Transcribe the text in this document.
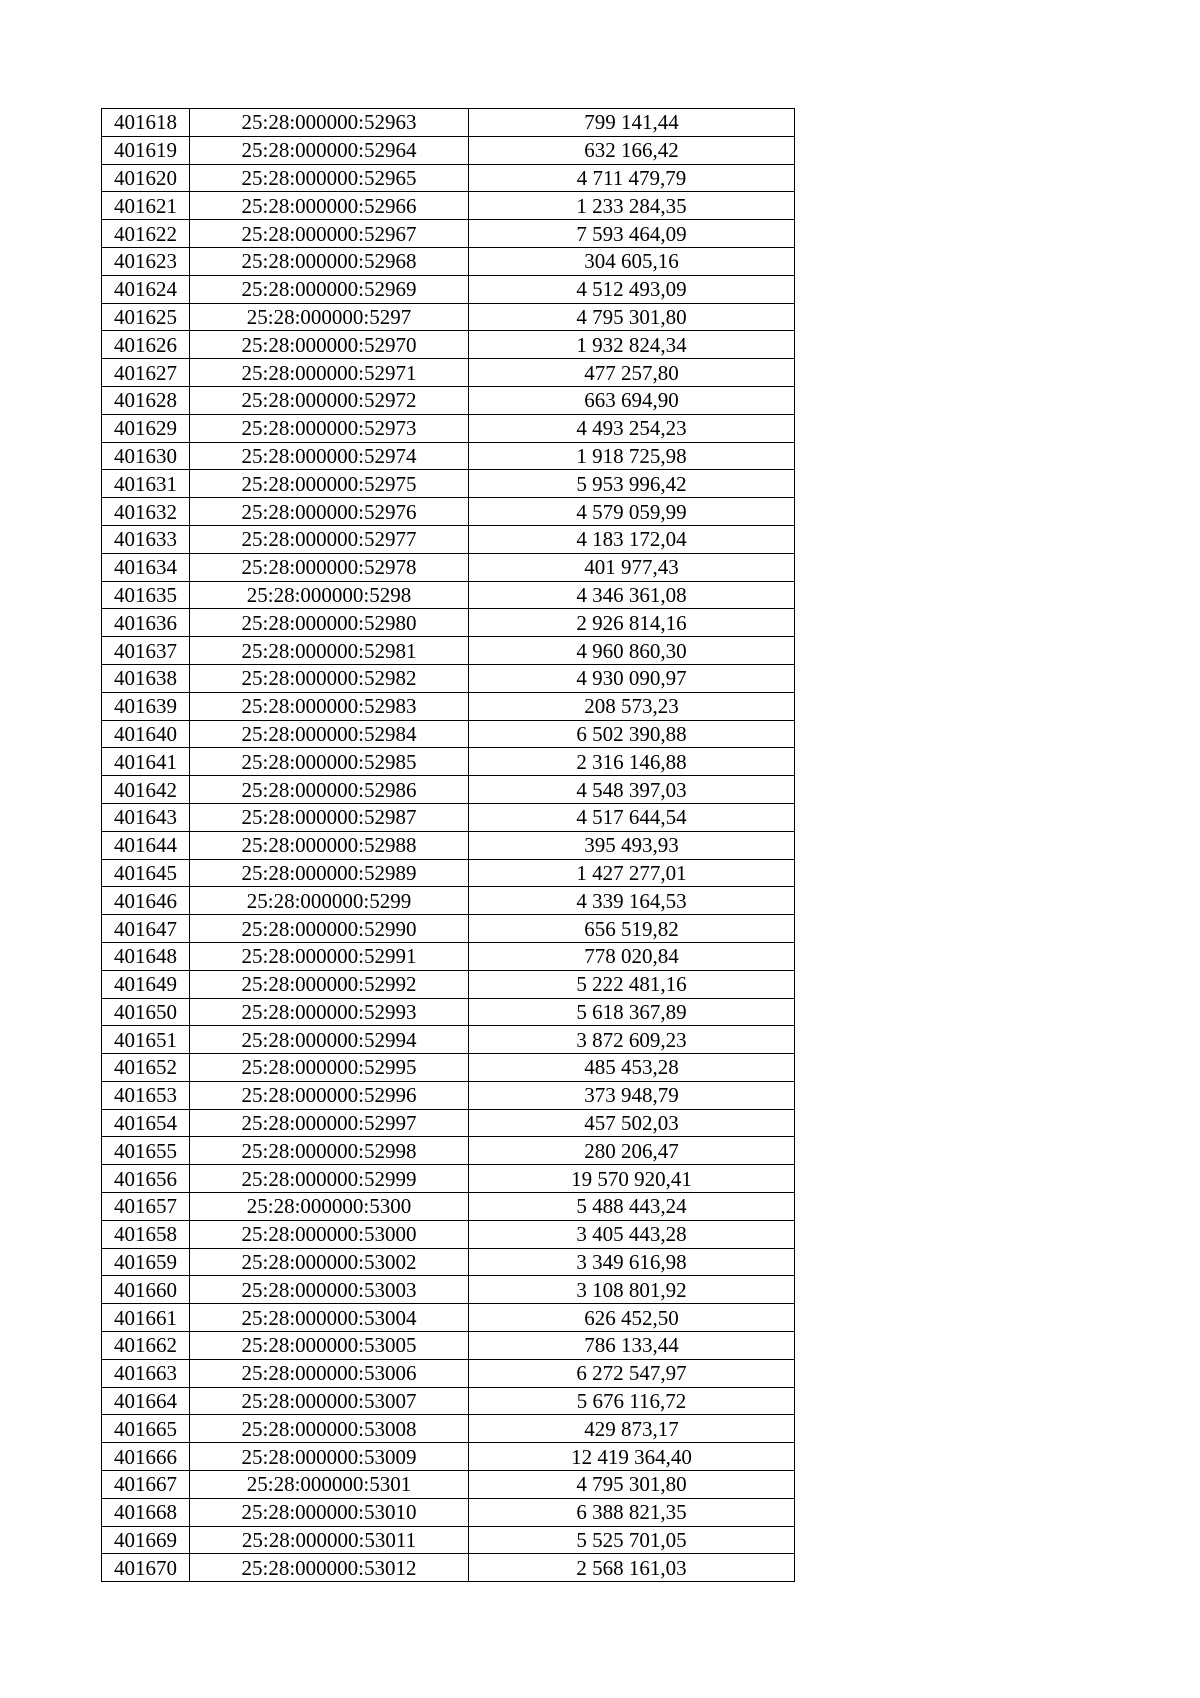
401618	25:28:000000:52963	799 141,44
401619	25:28:000000:52964	632 166,42
401620	25:28:000000:52965	4 711 479,79
401621	25:28:000000:52966	1 233 284,35
401622	25:28:000000:52967	7 593 464,09
401623	25:28:000000:52968	304 605,16
401624	25:28:000000:52969	4 512 493,09
401625	25:28:000000:5297	4 795 301,80
401626	25:28:000000:52970	1 932 824,34
401627	25:28:000000:52971	477 257,80
401628	25:28:000000:52972	663 694,90
401629	25:28:000000:52973	4 493 254,23
401630	25:28:000000:52974	1 918 725,98
401631	25:28:000000:52975	5 953 996,42
401632	25:28:000000:52976	4 579 059,99
401633	25:28:000000:52977	4 183 172,04
401634	25:28:000000:52978	401 977,43
401635	25:28:000000:5298	4 346 361,08
401636	25:28:000000:52980	2 926 814,16
401637	25:28:000000:52981	4 960 860,30
401638	25:28:000000:52982	4 930 090,97
401639	25:28:000000:52983	208 573,23
401640	25:28:000000:52984	6 502 390,88
401641	25:28:000000:52985	2 316 146,88
401642	25:28:000000:52986	4 548 397,03
401643	25:28:000000:52987	4 517 644,54
401644	25:28:000000:52988	395 493,93
401645	25:28:000000:52989	1 427 277,01
401646	25:28:000000:5299	4 339 164,53
401647	25:28:000000:52990	656 519,82
401648	25:28:000000:52991	778 020,84
401649	25:28:000000:52992	5 222 481,16
401650	25:28:000000:52993	5 618 367,89
401651	25:28:000000:52994	3 872 609,23
401652	25:28:000000:52995	485 453,28
401653	25:28:000000:52996	373 948,79
401654	25:28:000000:52997	457 502,03
401655	25:28:000000:52998	280 206,47
401656	25:28:000000:52999	19 570 920,41
401657	25:28:000000:5300	5 488 443,24
401658	25:28:000000:53000	3 405 443,28
401659	25:28:000000:53002	3 349 616,98
401660	25:28:000000:53003	3 108 801,92
401661	25:28:000000:53004	626 452,50
401662	25:28:000000:53005	786 133,44
401663	25:28:000000:53006	6 272 547,97
401664	25:28:000000:53007	5 676 116,72
401665	25:28:000000:53008	429 873,17
401666	25:28:000000:53009	12 419 364,40
401667	25:28:000000:5301	4 795 301,80
401668	25:28:000000:53010	6 388 821,35
401669	25:28:000000:53011	5 525 701,05
401670	25:28:000000:53012	2 568 161,03
